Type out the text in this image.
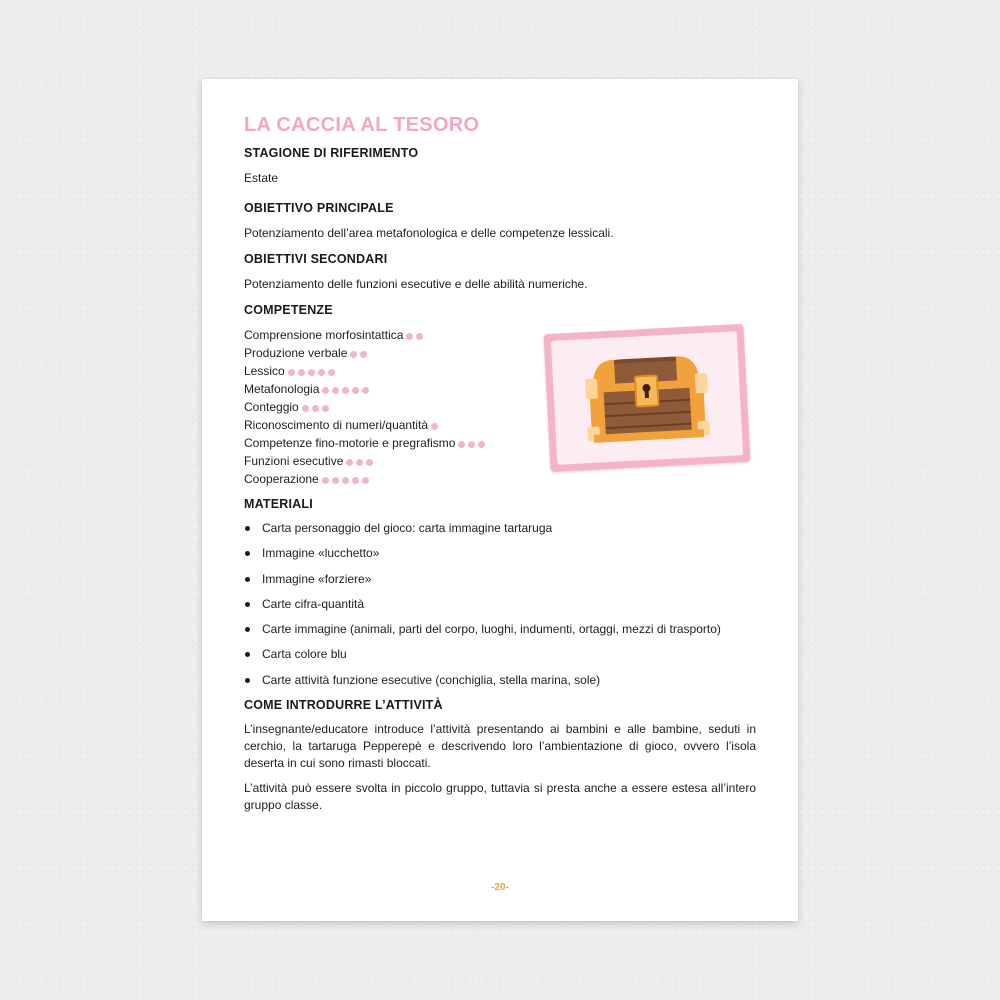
LA CACCIA AL TESORO
STAGIONE DI RIFERIMENTO

Estate

OBIETTIVO PRINCIPALE

Potenziamento dell’area metafonologica e delle competenze lessicali.

OBIETTIVI SECONDARI

Potenziamento delle funzioni esecutive e delle abilità numeriche.

COMPETENZE
Comprensione morfosintattica
Produzione verbale
Lessico
Metafonologia
Conteggio
Riconoscimento di numeri/quantità
Competenze fino-motorie e pregrafismo
Funzioni esecutive
Cooperazione
MATERIALI
Carta personaggio del gioco: carta immagine tartaruga
Immagine «lucchetto»
Immagine «forziere»
Carte cifra-quantità
Carte immagine (animali, parti del corpo, luoghi, indumenti, ortaggi, mezzi di trasporto)
Carta colore blu
Carte attività funzione esecutive (conchiglia, stella marina, sole)
COME INTRODURRE L’ATTIVITÀ

L’insegnante/educatore introduce l’attività presentando ai bambini e alle bambine, seduti in cerchio, la tartaruga Pepperepè e descrivendo loro l’ambientazione di gioco, ovvero l’isola deserta in cui sono rimasti bloccati.

L’attività può essere svolta in piccolo gruppo, tuttavia si presta anche a essere estesa all’intero gruppo classe.

-20-
